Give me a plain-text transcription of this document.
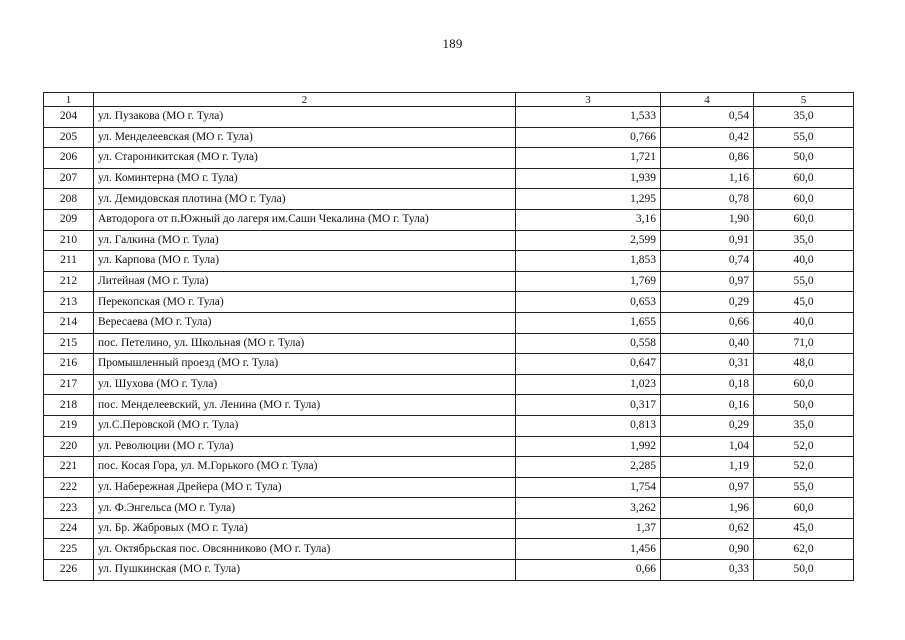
189
1	2	3	4	5
204	ул. Пузакова (МО г. Тула)	1,533	0,54	35,0
205	ул. Менделеевская (МО г. Тула)	0,766	0,42	55,0
206	ул. Староникитская (МО г. Тула)	1,721	0,86	50,0
207	ул. Коминтерна (МО г. Тула)	1,939	1,16	60,0
208	ул. Демидовская плотина (МО г. Тула)	1,295	0,78	60,0
209	Автодорога от п.Южный до лагеря им.Саши Чекалина (МО г. Тула)	3,16	1,90	60,0
210	ул. Галкина (МО г. Тула)	2,599	0,91	35,0
211	ул. Карпова (МО г. Тула)	1,853	0,74	40,0
212	Литейная (МО г. Тула)	1,769	0,97	55,0
213	Перекопская (МО г. Тула)	0,653	0,29	45,0
214	Вересаева (МО г. Тула)	1,655	0,66	40,0
215	пос. Петелино, ул. Школьная (МО г. Тула)	0,558	0,40	71,0
216	Промышленный проезд (МО г. Тула)	0,647	0,31	48,0
217	ул. Шухова (МО г. Тула)	1,023	0,18	60,0
218	пос. Менделеевский, ул. Ленина (МО г. Тула)	0,317	0,16	50,0
219	ул.С.Перовской (МО г. Тула)	0,813	0,29	35,0
220	ул. Революции (МО г. Тула)	1,992	1,04	52,0
221	пос. Косая Гора, ул. М.Горького (МО г. Тула)	2,285	1,19	52,0
222	ул. Набережная Дрейера (МО г. Тула)	1,754	0,97	55,0
223	ул. Ф.Энгельса (МО г. Тула)	3,262	1,96	60,0
224	ул. Бр. Жабровых (МО г. Тула)	1,37	0,62	45,0
225	ул. Октябрьская пос. Овсянниково (МО г. Тула)	1,456	0,90	62,0
226	ул. Пушкинская (МО г. Тула)	0,66	0,33	50,0
